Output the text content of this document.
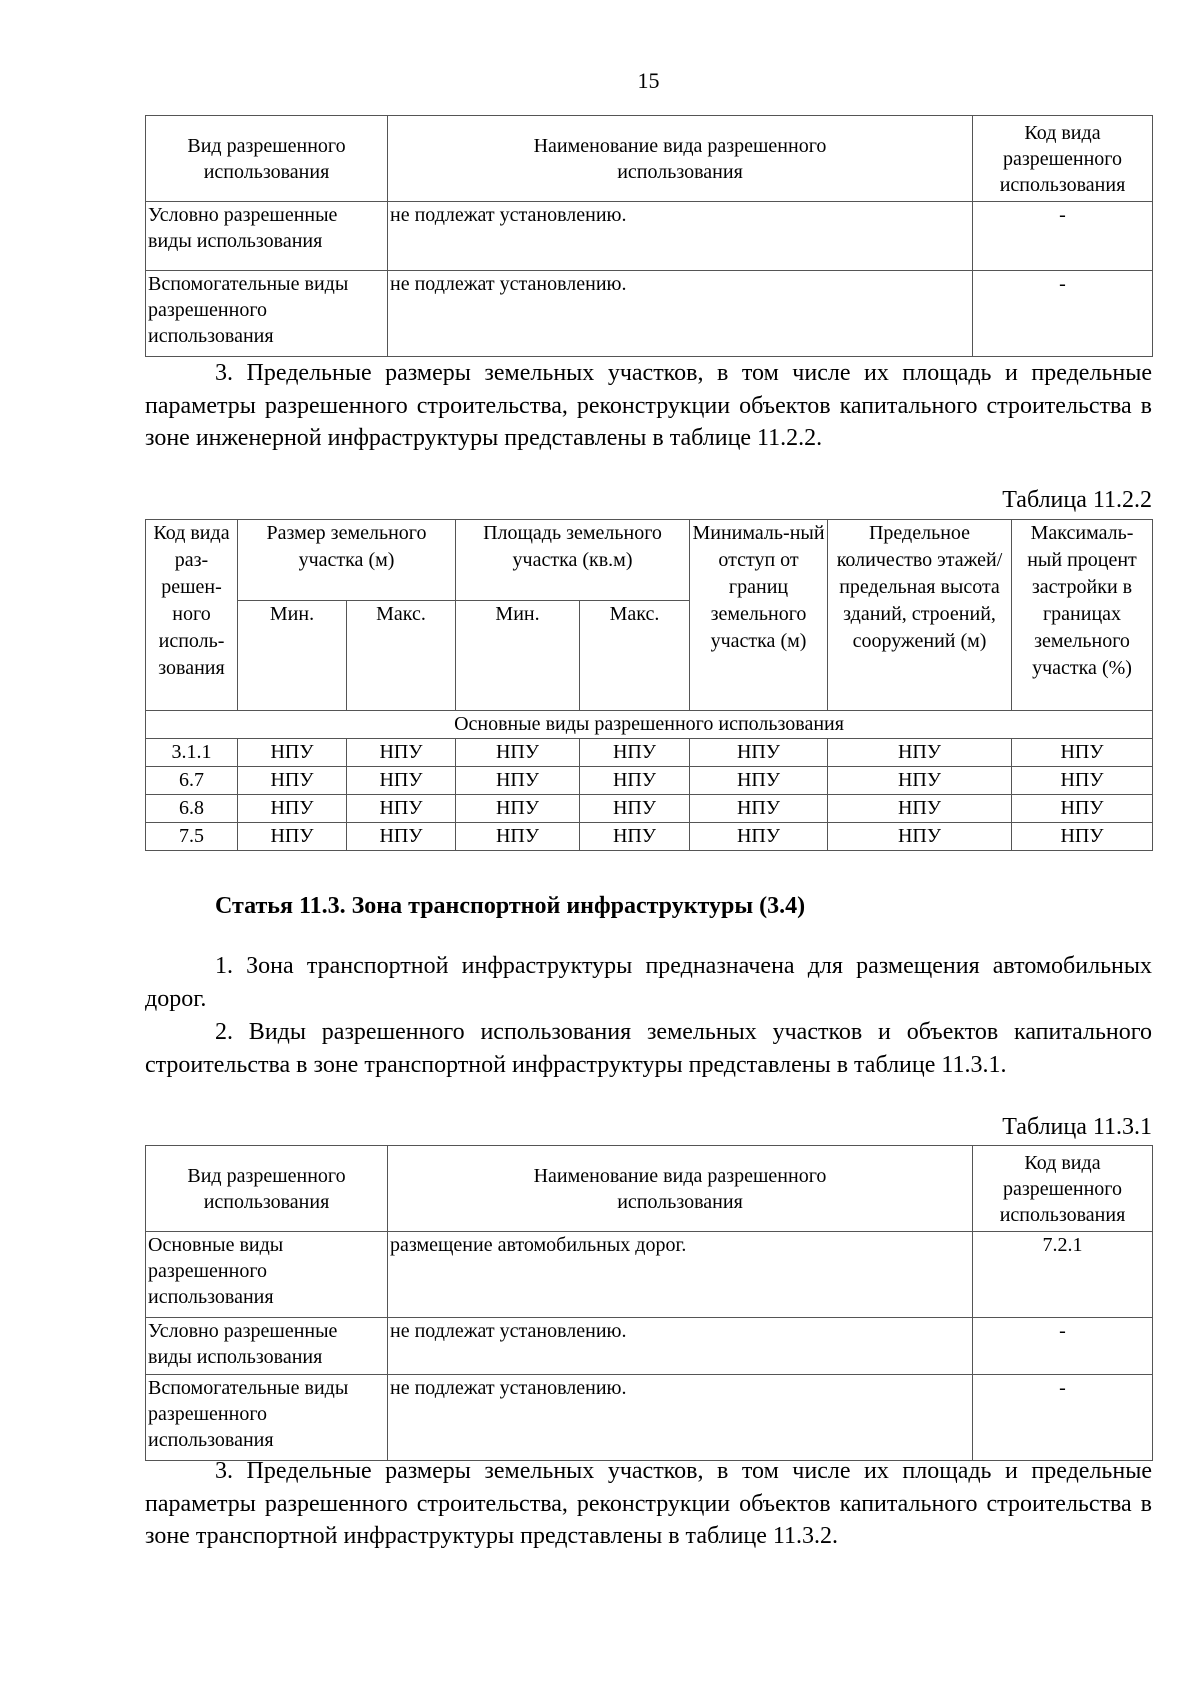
15
Вид разрешенного использования	Наименование вида разрешенного использования	Код вида разрешенного использования
Условно разрешенные виды использования	не подлежат установлению.	-
Вспомогательные виды разрешенного использования	не подлежат установлению.	-
3. Предельные размеры земельных участков, в том числе их площадь и предельные параметры разрешенного строительства, реконструкции объектов капитального строительства в зоне инженерной инфраструктуры представлены в таблице 11.2.2.
Таблица 11.2.2
Код вида раз-решен-ного исполь-зования	Размер земельного участка (м)		Площадь земельного участка (кв.м)		Минималь-ный отступ от границ земельного участка (м)	Предельное количество этажей/ предельная высота зданий, строений, сооружений (м)	Максималь-ный процент застройки в границах земельного участка (%)
	Мин.	Макс.	Мин.	Макс.			
Основные виды разрешенного использования							
3.1.1	НПУ	НПУ	НПУ	НПУ	НПУ	НПУ	НПУ
6.7	НПУ	НПУ	НПУ	НПУ	НПУ	НПУ	НПУ
6.8	НПУ	НПУ	НПУ	НПУ	НПУ	НПУ	НПУ
7.5	НПУ	НПУ	НПУ	НПУ	НПУ	НПУ	НПУ
Статья 11.3. Зона транспортной инфраструктуры (3.4)
1. Зона транспортной инфраструктуры предназначена для размещения автомобильных дорог.
2. Виды разрешенного использования земельных участков и объектов капитального строительства в зоне транспортной инфраструктуры представлены в таблице 11.3.1.
Таблица 11.3.1
Вид разрешенного использования	Наименование вида разрешенного использования	Код вида разрешенного использования
Основные виды разрешенного использования	размещение автомобильных дорог.	7.2.1
Условно разрешенные виды использования	не подлежат установлению.	-
Вспомогательные виды разрешенного использования	не подлежат установлению.	-
3. Предельные размеры земельных участков, в том числе их площадь и предельные параметры разрешенного строительства, реконструкции объектов капитального строительства в зоне транспортной инфраструктуры представлены в таблице 11.3.2.
